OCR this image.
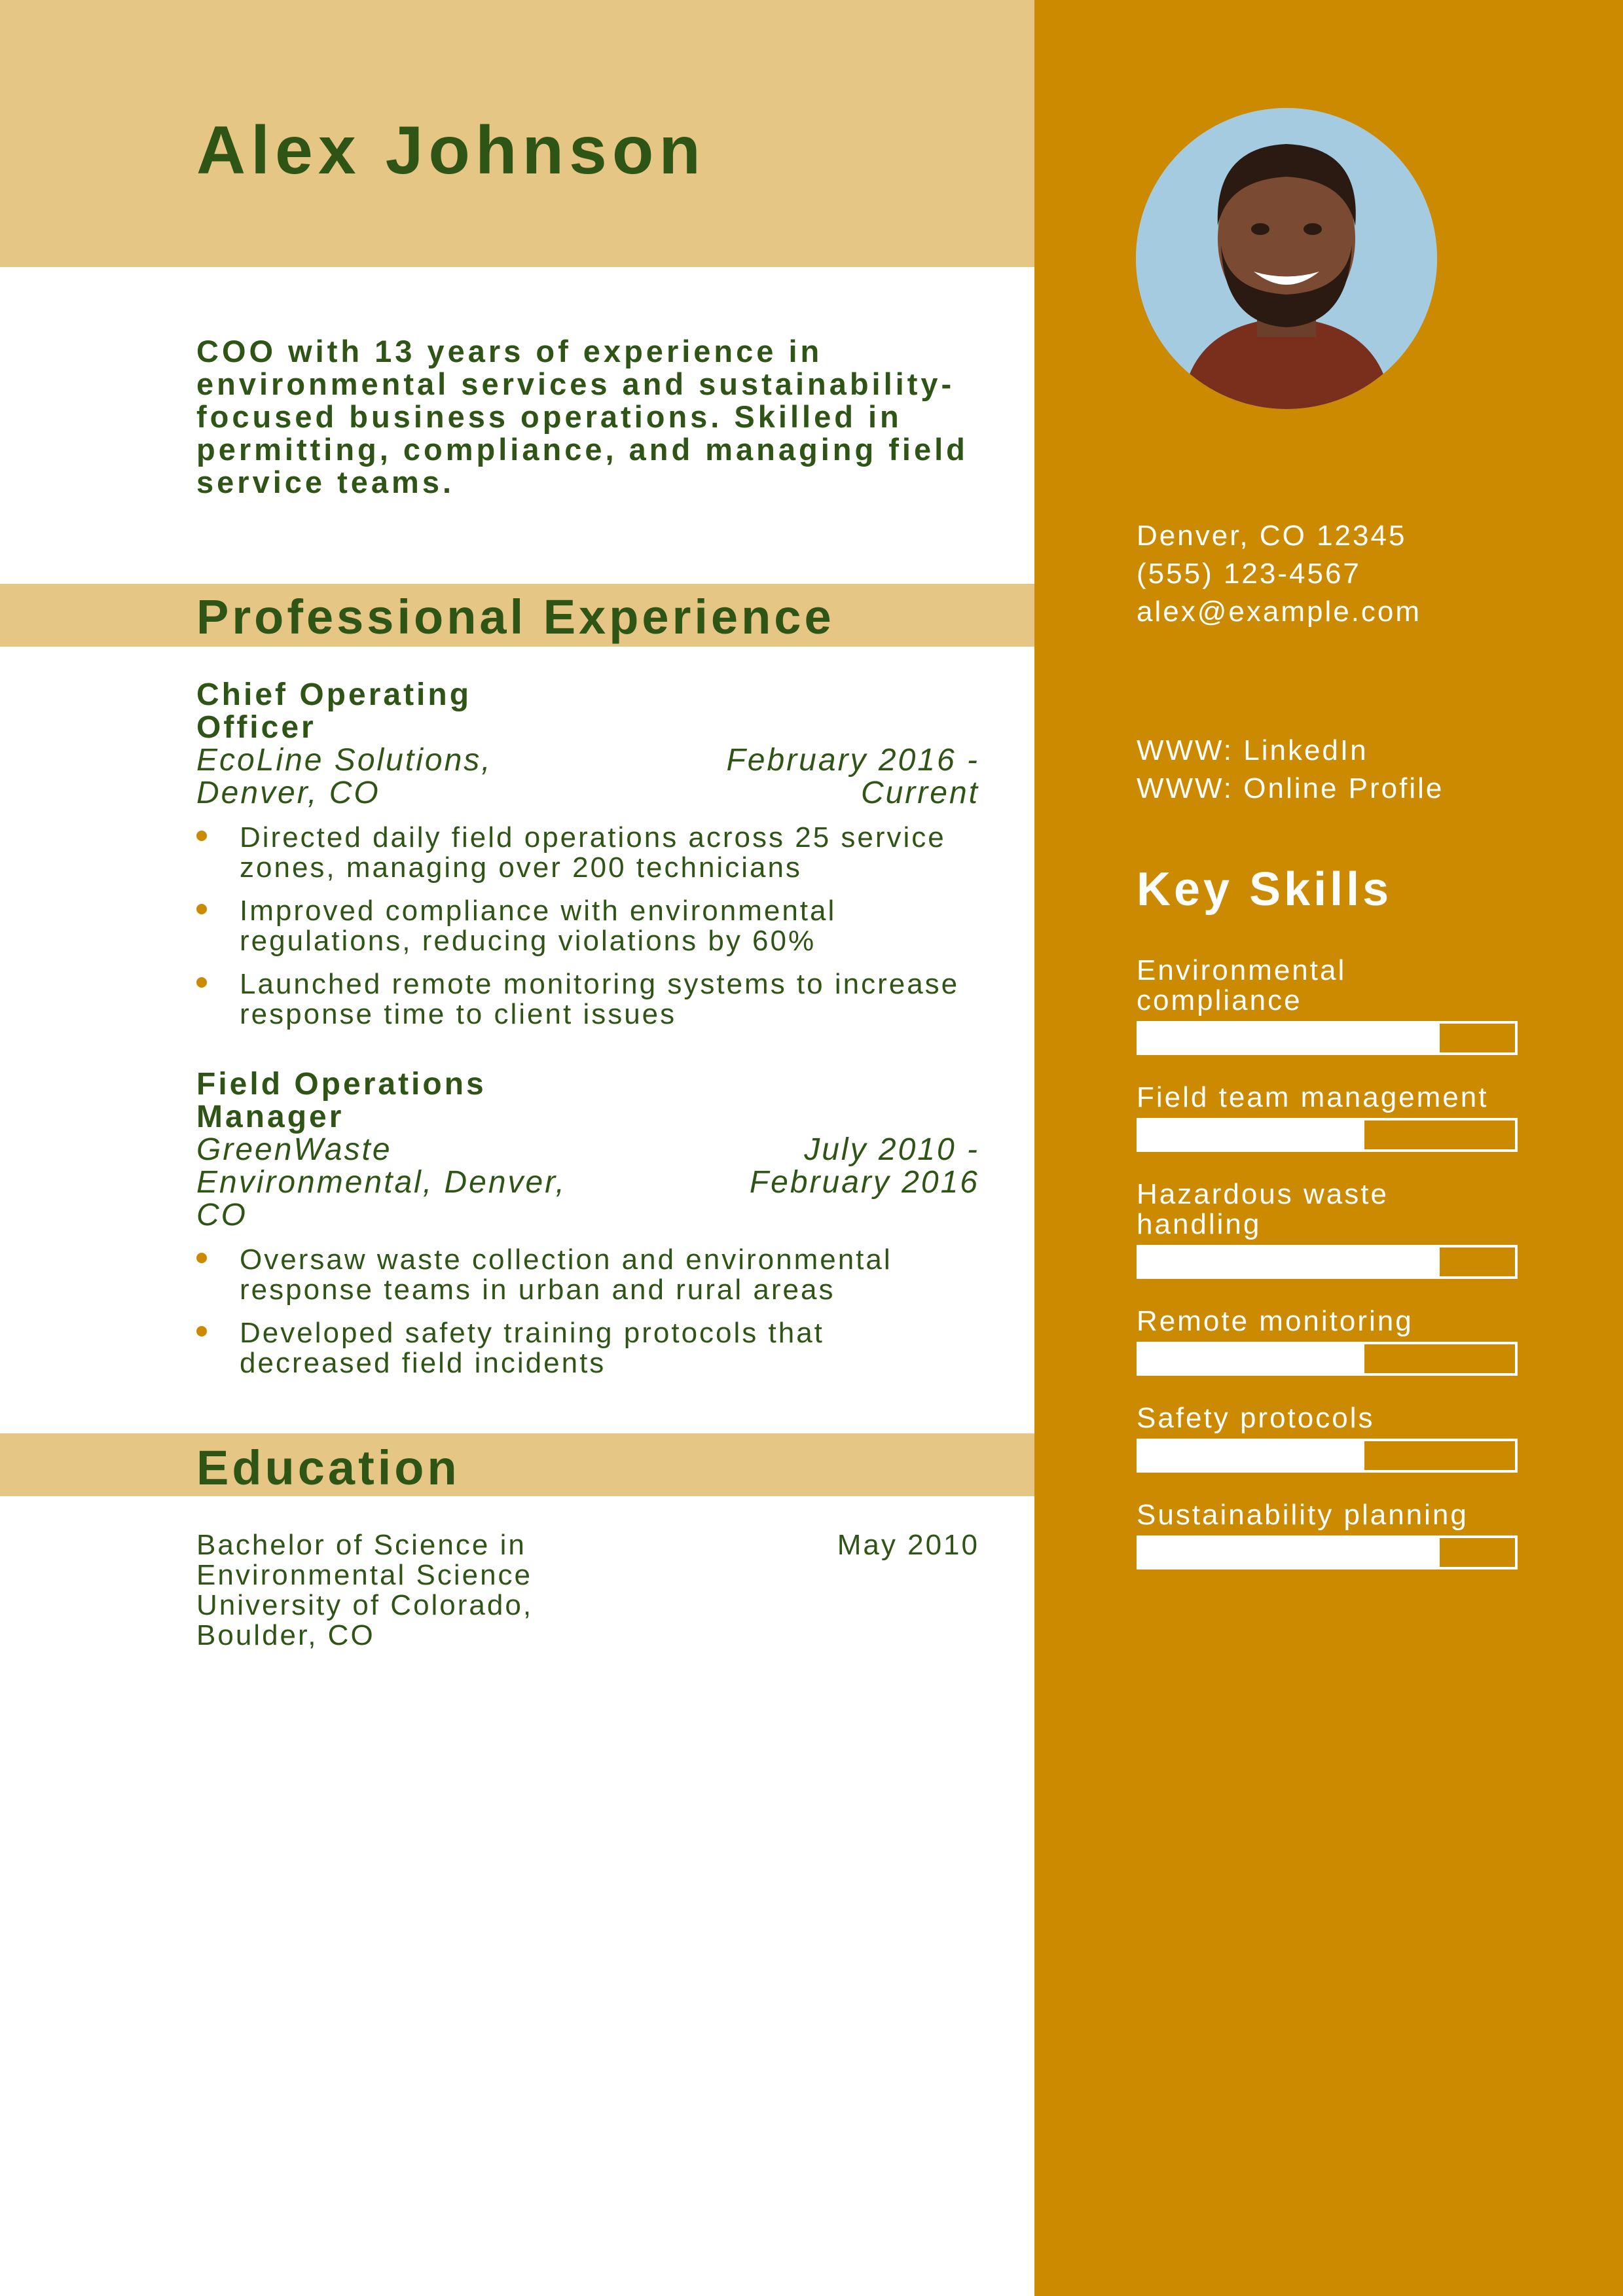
Alex Johnson

COO with 13 years of experience in environmental services and sustainability-focused business operations. Skilled in permitting, compliance, and managing field service teams.

Professional Experience
Chief Operating Officer
EcoLine Solutions, Denver, CO
February 2016 - Current
Directed daily field operations across 25 service zones, managing over 200 technicians
Improved compliance with environmental regulations, reducing violations by 60%
Launched remote monitoring systems to increase response time to client issues
Field Operations Manager
GreenWaste Environmental, Denver, CO
July 2010 - February 2016
Oversaw waste collection and environmental response teams in urban and rural areas
Developed safety training protocols that decreased field incidents
Education
Bachelor of Science in Environmental Science
University of Colorado, Boulder, CO
May 2010
Denver, CO 12345
(555) 123-4567
alex@example.com
WWW: LinkedIn
WWW: Online Profile
Key Skills
Environmental compliance
Field team management
Hazardous waste handling
Remote monitoring
Safety protocols
Sustainability planning
